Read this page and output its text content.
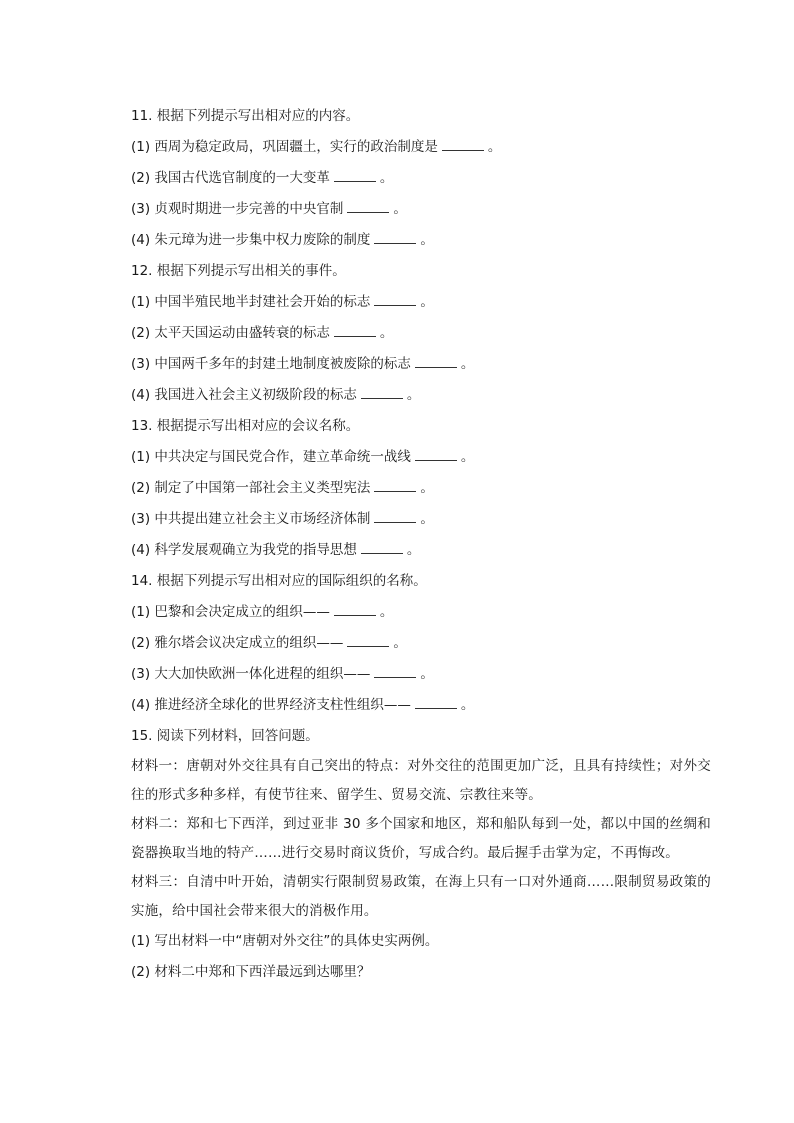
11. 根据下列提示写出相对应的内容。
(1) 西周为稳定政局，巩固疆土，实行的政治制度是	。
(2) 我国古代选官制度的一大变革	。
(3) 贞观时期进一步完善的中央官制	。
(4) 朱元璋为进一步集中权力废除的制度	。
12. 根据下列提示写出相关的事件。
(1) 中国半殖民地半封建社会开始的标志	。
(2) 太平天国运动由盛转衰的标志	。
(3) 中国两千多年的封建土地制度被废除的标志	。
(4) 我国进入社会主义初级阶段的标志	。
13. 根据提示写出相对应的会议名称。
(1) 中共决定与国民党合作，建立革命统一战线	。
(2) 制定了中国第一部社会主义类型宪法	。
(3) 中共提出建立社会主义市场经济体制	。
(4) 科学发展观确立为我党的指导思想	。
14. 根据下列提示写出相对应的国际组织的名称。
(1) 巴黎和会决定成立的组织——	。
(2) 雅尔塔会议决定成立的组织——	。
(3) 大大加快欧洲一体化进程的组织——	。
(4) 推进经济全球化的世界经济支柱性组织——	。
15. 阅读下列材料，回答问题。
材料一：唐朝对外交往具有自己突出的特点：对外交往的范围更加广泛，且具有持续性；对外交往的形式多种多样，有使节往来、留学生、贸易交流、宗教往来等。
材料二：郑和七下西洋，到过亚非 30 多个国家和地区，郑和船队每到一处，都以中国的丝绸和瓷器换取当地的特产……进行交易时商议货价，写成合约。最后握手击掌为定，不再悔改。
材料三：自清中叶开始，清朝实行限制贸易政策，在海上只有一口对外通商……限制贸易政策的实施，给中国社会带来很大的消极作用。
(1) 写出材料一中“唐朝对外交往”的具体史实两例。
(2) 材料二中郑和下西洋最远到达哪里？
